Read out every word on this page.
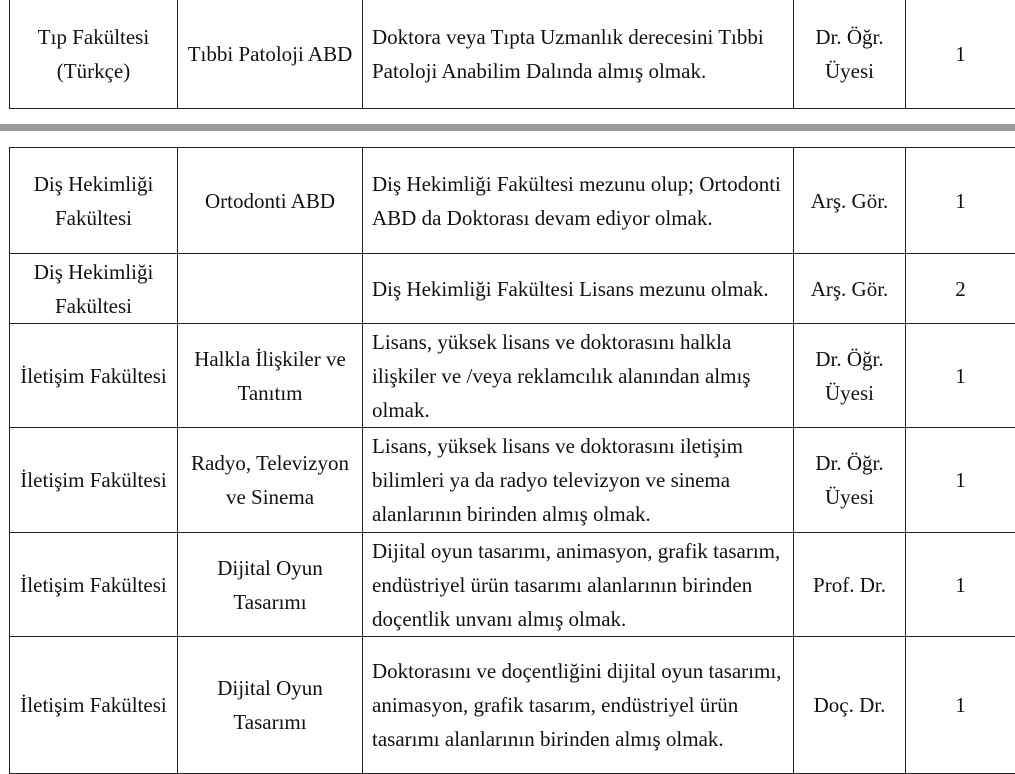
Tıp Fakültesi (Türkçe)	Tıbbi Patoloji ABD	Doktora veya Tıpta Uzmanlık derecesini Tıbbi Patoloji Anabilim Dalında almış olmak.	Dr. Öğr. Üyesi	1
Diş Hekimliği Fakültesi	Ortodonti ABD	Diş Hekimliği Fakültesi mezunu olup; Ortodonti ABD da Doktorası devam ediyor olmak.	Arş. Gör.	1
Diş Hekimliği Fakültesi		Diş Hekimliği Fakültesi Lisans mezunu olmak.	Arş. Gör.	2
İletişim Fakültesi	Halkla İlişkiler ve Tanıtım	Lisans, yüksek lisans ve doktorasını halkla ilişkiler ve /veya reklamcılık alanından almış olmak.	Dr. Öğr. Üyesi	1
İletişim Fakültesi	Radyo, Televizyon ve Sinema	Lisans, yüksek lisans ve doktorasını iletişim bilimleri ya da radyo televizyon ve sinema alanlarının birinden almış olmak.	Dr. Öğr. Üyesi	1
İletişim Fakültesi	Dijital Oyun Tasarımı	Dijital oyun tasarımı, animasyon, grafik tasarım, endüstriyel ürün tasarımı alanlarının birinden doçentlik unvanı almış olmak.	Prof. Dr.	1
İletişim Fakültesi	Dijital Oyun Tasarımı	Doktorasını ve doçentliğini dijital oyun tasarımı, animasyon, grafik tasarım, endüstriyel ürün tasarımı alanlarının birinden almış olmak.	Doç. Dr.	1
